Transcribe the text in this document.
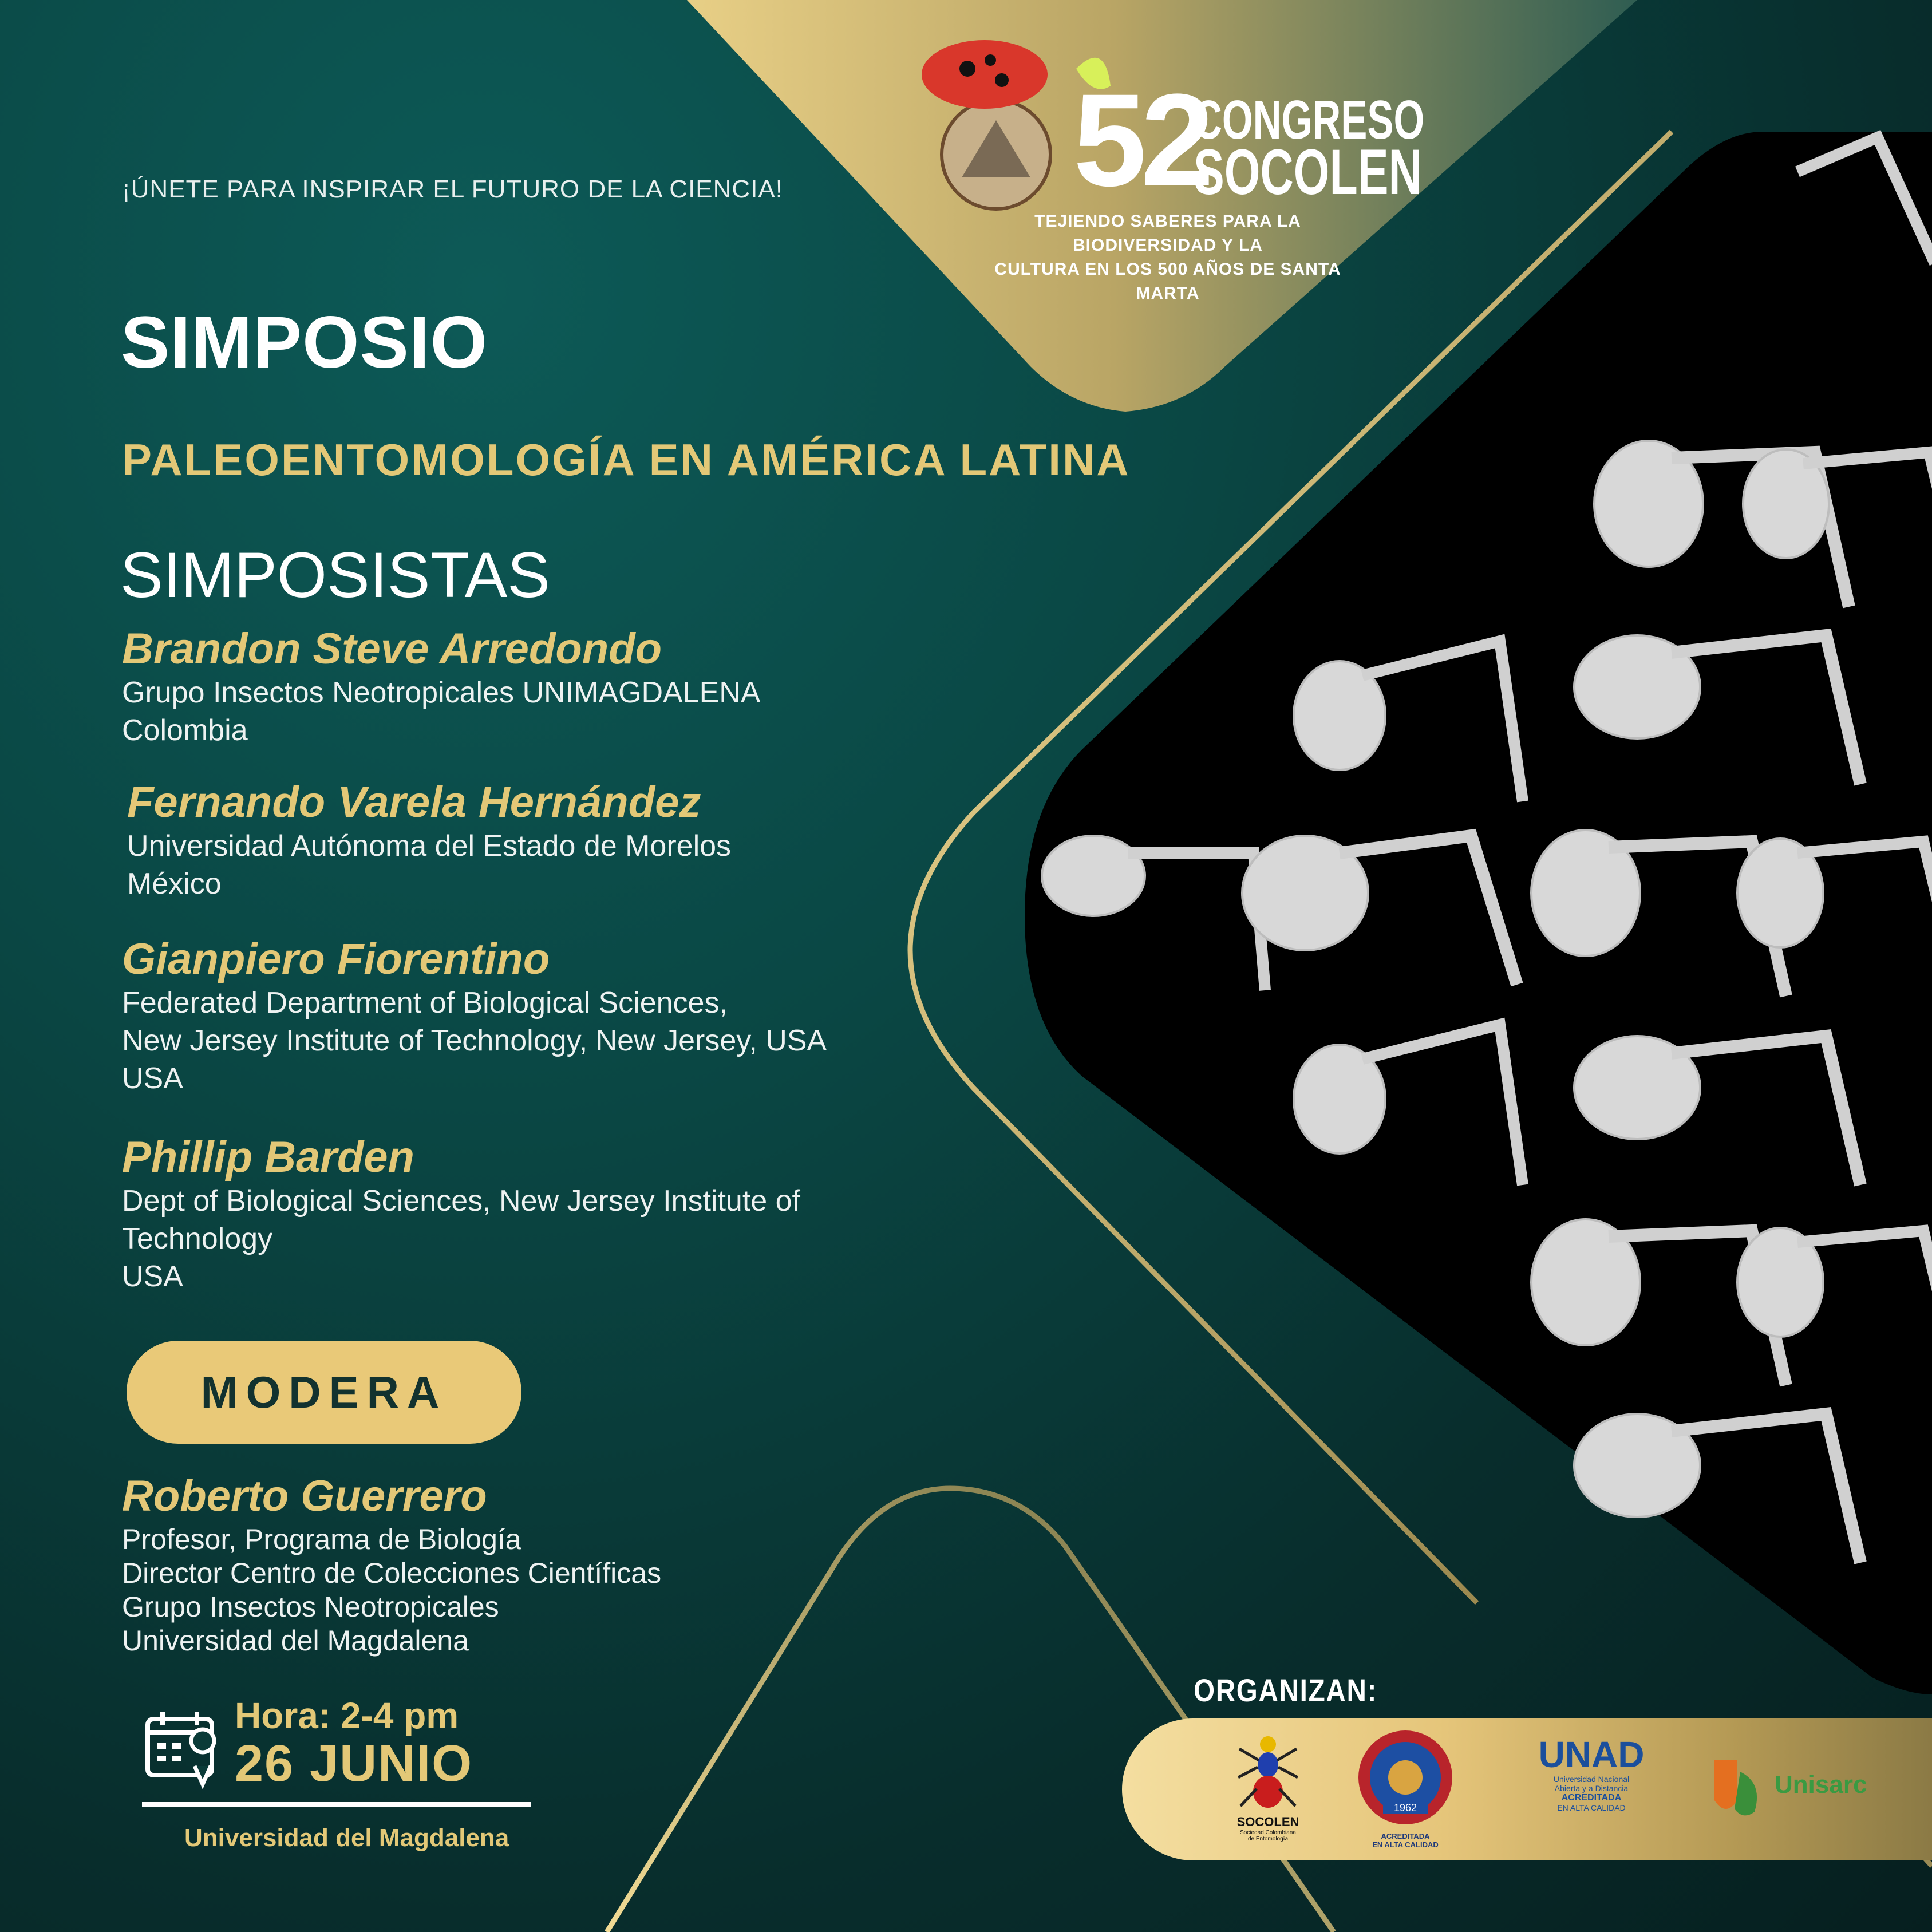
¡ÚNETE PARA INSPIRAR EL FUTURO DE LA CIENCIA! 52
CONGRESO
SOCOLEN
TEJIENDO SABERES PARA LA BIODIVERSIDAD Y LA
CULTURA EN LOS 500 AÑOS DE SANTA MARTA
SIMPOSIO
PALEOENTOMOLOGÍA EN AMÉRICA LATINA
SIMPOSISTAS
Brandon Steve Arredondo
Grupo Insectos Neotropicales UNIMAGDALENA
Colombia
Fernando Varela Hernández
Universidad Autónoma del Estado de Morelos
México
Gianpiero Fiorentino
Federated Department of Biological Sciences,
New Jersey Institute of Technology, New Jersey, USA
USA
Phillip Barden
Dept of Biological Sciences, New Jersey Institute of
Technology
USA
MODERA
Roberto Guerrero
Profesor, Programa de Biología
Director Centro de Colecciones Científicas
Grupo Insectos Neotropicales
Universidad del Magdalena
Hora: 2-4 pm
26 JUNIO
Universidad del Magdalena
ORGANIZAN:
SOCOLEN
Sociedad Colombiana
de Entomología
1962
ACREDITADA
EN ALTA CALIDAD
UNAD
Universidad Nacional
Abierta y a Distancia
ACREDITADA
EN ALTA CALIDAD
Unisarc
